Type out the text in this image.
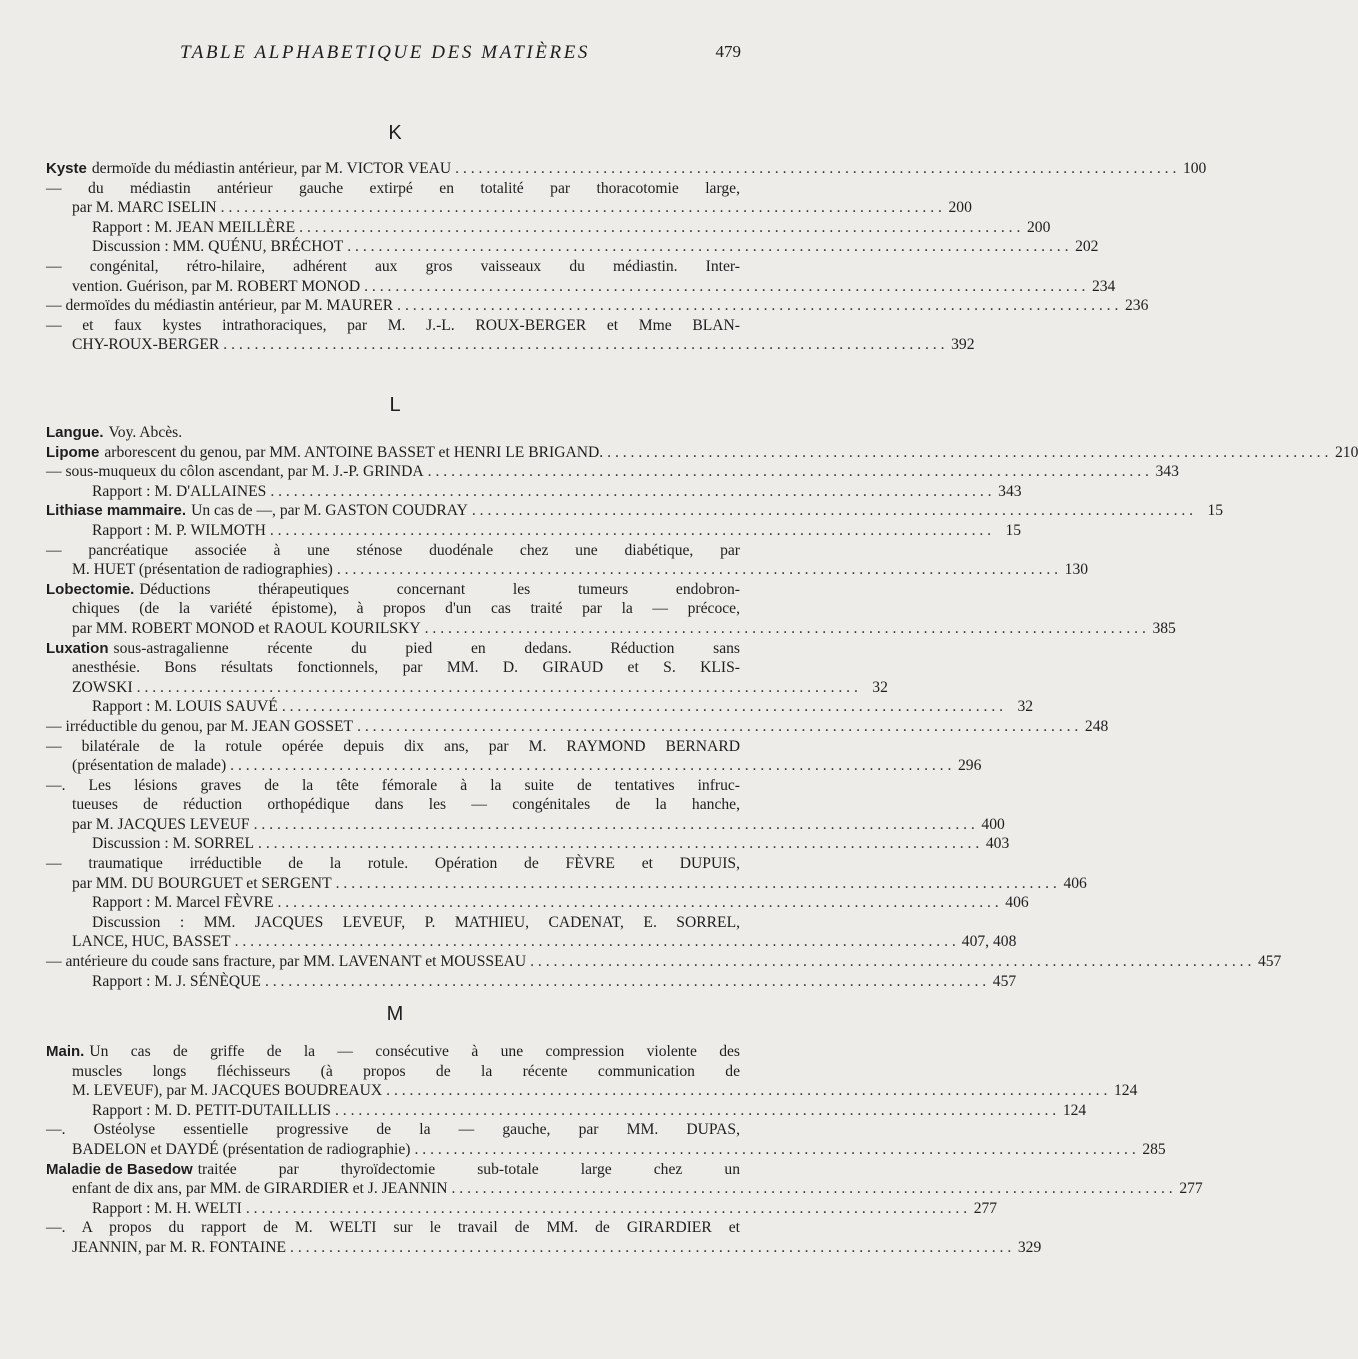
TABLE ALPHABETIQUE DES MATIÈRES	479
K
Kyste dermoïde du médiastin antérieur, par M. VICTOR VEAU . . .	100
— du médiastin antérieur gauche extirpé en totalité par thoracotomie large,
par M. MARC ISELIN . . .	200
Rapport : M. JEAN MEILLÈRE . . .	200
Discussion : MM. QUÉNU, BRÉCHOT . . .	202
— congénital, rétro-hilaire, adhérent aux gros vaisseaux du médiastin. Inter-
vention. Guérison, par M. ROBERT MONOD . . .	234
— dermoïdes du médiastin antérieur, par M. MAURER . . .	236
— et faux kystes intrathoraciques, par M. J.-L. ROUX-BERGER et Mme BLAN-
CHY-ROUX-BERGER . . .	392
L
Langue. Voy. Abcès.
Lipome arborescent du genou, par MM. ANTOINE BASSET et HENRI LE BRIGAND. . . .	210
— sous-muqueux du côlon ascendant, par M. J.-P. GRINDA . . .	343
Rapport : M. D'ALLAINES . . .	343
Lithiase mammaire. Un cas de —, par M. GASTON COUDRAY . . .	15
Rapport : M. P. WILMOTH . . .	15
— pancréatique associée à une sténose duodénale chez une diabétique, par
M. HUET (présentation de radiographies) . . .	130
Lobectomie. Déductions thérapeutiques concernant les tumeurs endobron-
chiques (de la variété épistome), à propos d'un cas traité par la — précoce,
par MM. ROBERT MONOD et RAOUL KOURILSKY . . .	385
Luxation sous-astragalienne récente du pied en dedans. Réduction sans
anesthésie. Bons résultats fonctionnels, par MM. D. GIRAUD et S. KLIS-
ZOWSKI . . .	32
Rapport : M. LOUIS SAUVÉ . . .	32
— irréductible du genou, par M. JEAN GOSSET . . .	248
— bilatérale de la rotule opérée depuis dix ans, par M. RAYMOND BERNARD
(présentation de malade) . . .	296
—. Les lésions graves de la tête fémorale à la suite de tentatives infruc-
tueuses de réduction orthopédique dans les — congénitales de la hanche,
par M. JACQUES LEVEUF . . .	400
Discussion : M. SORREL . . .	403
— traumatique irréductible de la rotule. Opération de FÈVRE et DUPUIS,
par MM. DU BOURGUET et SERGENT . . .	406
Rapport : M. Marcel FÈVRE . . .	406
Discussion : MM. JACQUES LEVEUF, P. MATHIEU, CADENAT, E. SORREL,
LANCE, HUC, BASSET . . .	407, 408
— antérieure du coude sans fracture, par MM. LAVENANT et MOUSSEAU . . .	457
Rapport : M. J. SÉNÈQUE . . .	457
M
Main. Un cas de griffe de la — consécutive à une compression violente des
muscles longs fléchisseurs (à propos de la récente communication de
M. LEVEUF), par M. JACQUES BOUDREAUX . . .	124
Rapport : M. D. PETIT-DUTAILLLIS . . .	124
—. Ostéolyse essentielle progressive de la — gauche, par MM. DUPAS,
BADELON et DAYDÉ (présentation de radiographie) . . .	285
Maladie de Basedow traitée par thyroïdectomie sub-totale large chez un
enfant de dix ans, par MM. de GIRARDIER et J. JEANNIN . . .	277
Rapport : M. H. WELTI . . .	277
—. A propos du rapport de M. WELTI sur le travail de MM. de GIRARDIER et
JEANNIN, par M. R. FONTAINE . . .	329
